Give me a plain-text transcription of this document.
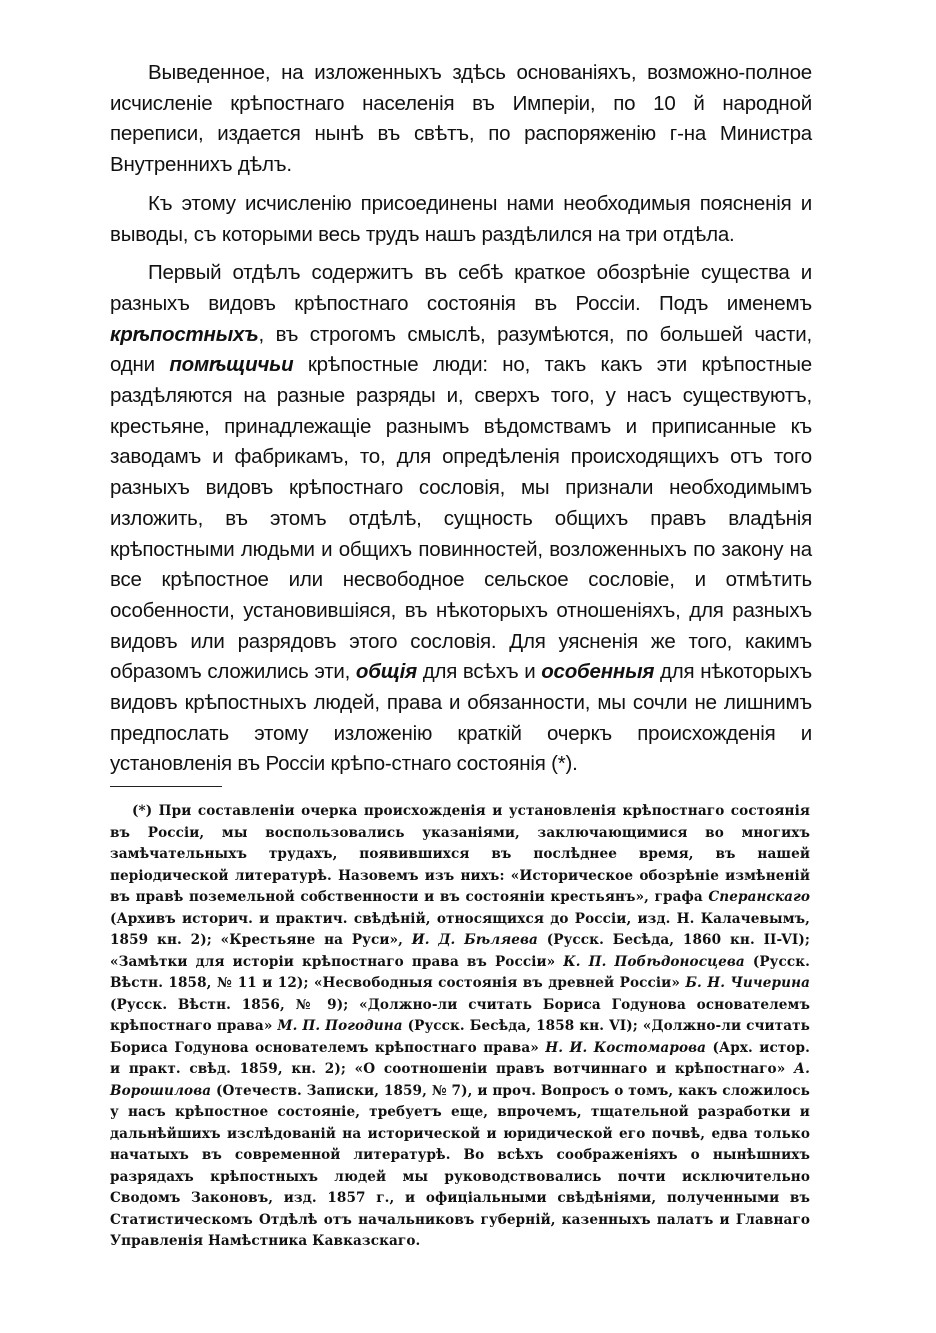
Выведенное, на изложенныхъ здѣсь основаніяхъ, возможно-полное исчисленіе крѣпостнаго населенія въ Имперіи, по 10 й народной переписи, издается нынѣ въ свѣтъ, по распоряженію г-на Министра Внутреннихъ дѣлъ.

Къ этому исчисленію присоединены нами необходимыя поясненія и выводы, съ которыми весь трудъ нашъ раздѣлился на три отдѣла.

Первый отдѣлъ содержитъ въ себѣ краткое обозрѣніе существа и разныхъ видовъ крѣпостнаго состоянія въ Россіи. Подъ именемъ крѣпостныхъ, въ строгомъ смыслѣ, разумѣются, по большей части, одни помѣщичьи крѣпостные люди: но, такъ какъ эти крѣпостные раздѣляются на разные разряды и, сверхъ того, у насъ существуютъ, крестьяне, принадлежащіе разнымъ вѣдомствамъ и приписанные къ заводамъ и фабрикамъ, то, для опредѣленія происходящихъ отъ того разныхъ видовъ крѣпостнаго сословія, мы признали необходимымъ изложить, въ этомъ отдѣлѣ, сущность общихъ правъ владѣнія крѣпостными людьми и общихъ повинностей, возложенныхъ по закону на все крѣпостное или несвободное сельское сословіе, и отмѣтить особенности, установившіяся, въ нѣкоторыхъ отношеніяхъ, для разныхъ видовъ или разрядовъ этого сословія. Для уясненія же того, какимъ образомъ сложились эти, общія для всѣхъ и особенныя для нѣкоторыхъ видовъ крѣпостныхъ людей, права и обязанности, мы сочли не лишнимъ предпослать этому изложенію краткій очеркъ происхожденія и установленія въ Россіи крѣпо-стнаго состоянія (*).

(*) При составленіи очерка происхожденія и установленія крѣпостнаго состоянія въ Россіи, мы воспользовались указаніями, заключающимися во многихъ замѣчательныхъ трудахъ, появившихся въ послѣднее время, въ нашей періодической литературѣ. Назовемъ изъ нихъ: «Историческое обозрѣніе измѣненій въ правѣ поземельной собственности и въ состояніи крестьянъ», графа Сперанскаго (Архивъ историч. и практич. свѣдѣній, относящихся до Россіи, изд. Н. Калачевымъ, 1859 кн. 2); «Крестьяне на Руси», И. Д. Бѣляева (Русск. Бесѣда, 1860 кн. II-VI); «Замѣтки для исторіи крѣпостнаго права въ Россіи» К. П. Побѣдоносцева (Русск. Вѣстн. 1858, № 11 и 12); «Несвободныя состоянія въ древней Россіи» Б. Н. Чичерина (Русск. Вѣстн. 1856, № 9); «Должно-ли считать Бориса Годунова основателемъ крѣпостнаго права» М. П. Погодина (Русск. Бесѣда, 1858 кн. VI); «Должно-ли считать Бориса Годунова основателемъ крѣпостнаго права» Н. И. Костомарова (Арх. истор. и практ. свѣд. 1859, кн. 2); «О соотношеніи правъ вотчиннаго и крѣпостнаго» А. Ворошилова (Отечеств. Записки, 1859, № 7), и проч. Вопросъ о томъ, какъ сложилось у насъ крѣпостное состояніе, требуетъ еще, впрочемъ, тщательной разработки и дальнѣйшихъ изслѣдованій на исторической и юридической его почвѣ, едва только начатыхъ въ современной литературѣ. Во всѣхъ соображеніяхъ о нынѣшнихъ разрядахъ крѣпостныхъ людей мы руководствовались почти исключительно Сводомъ Законовъ, изд. 1857 г., и офиціальными свѣдѣніями, полученными въ Статистическомъ Отдѣлѣ отъ начальниковъ губерній, казенныхъ палатъ и Главнаго Управленія Намѣстника Кавказскаго.
